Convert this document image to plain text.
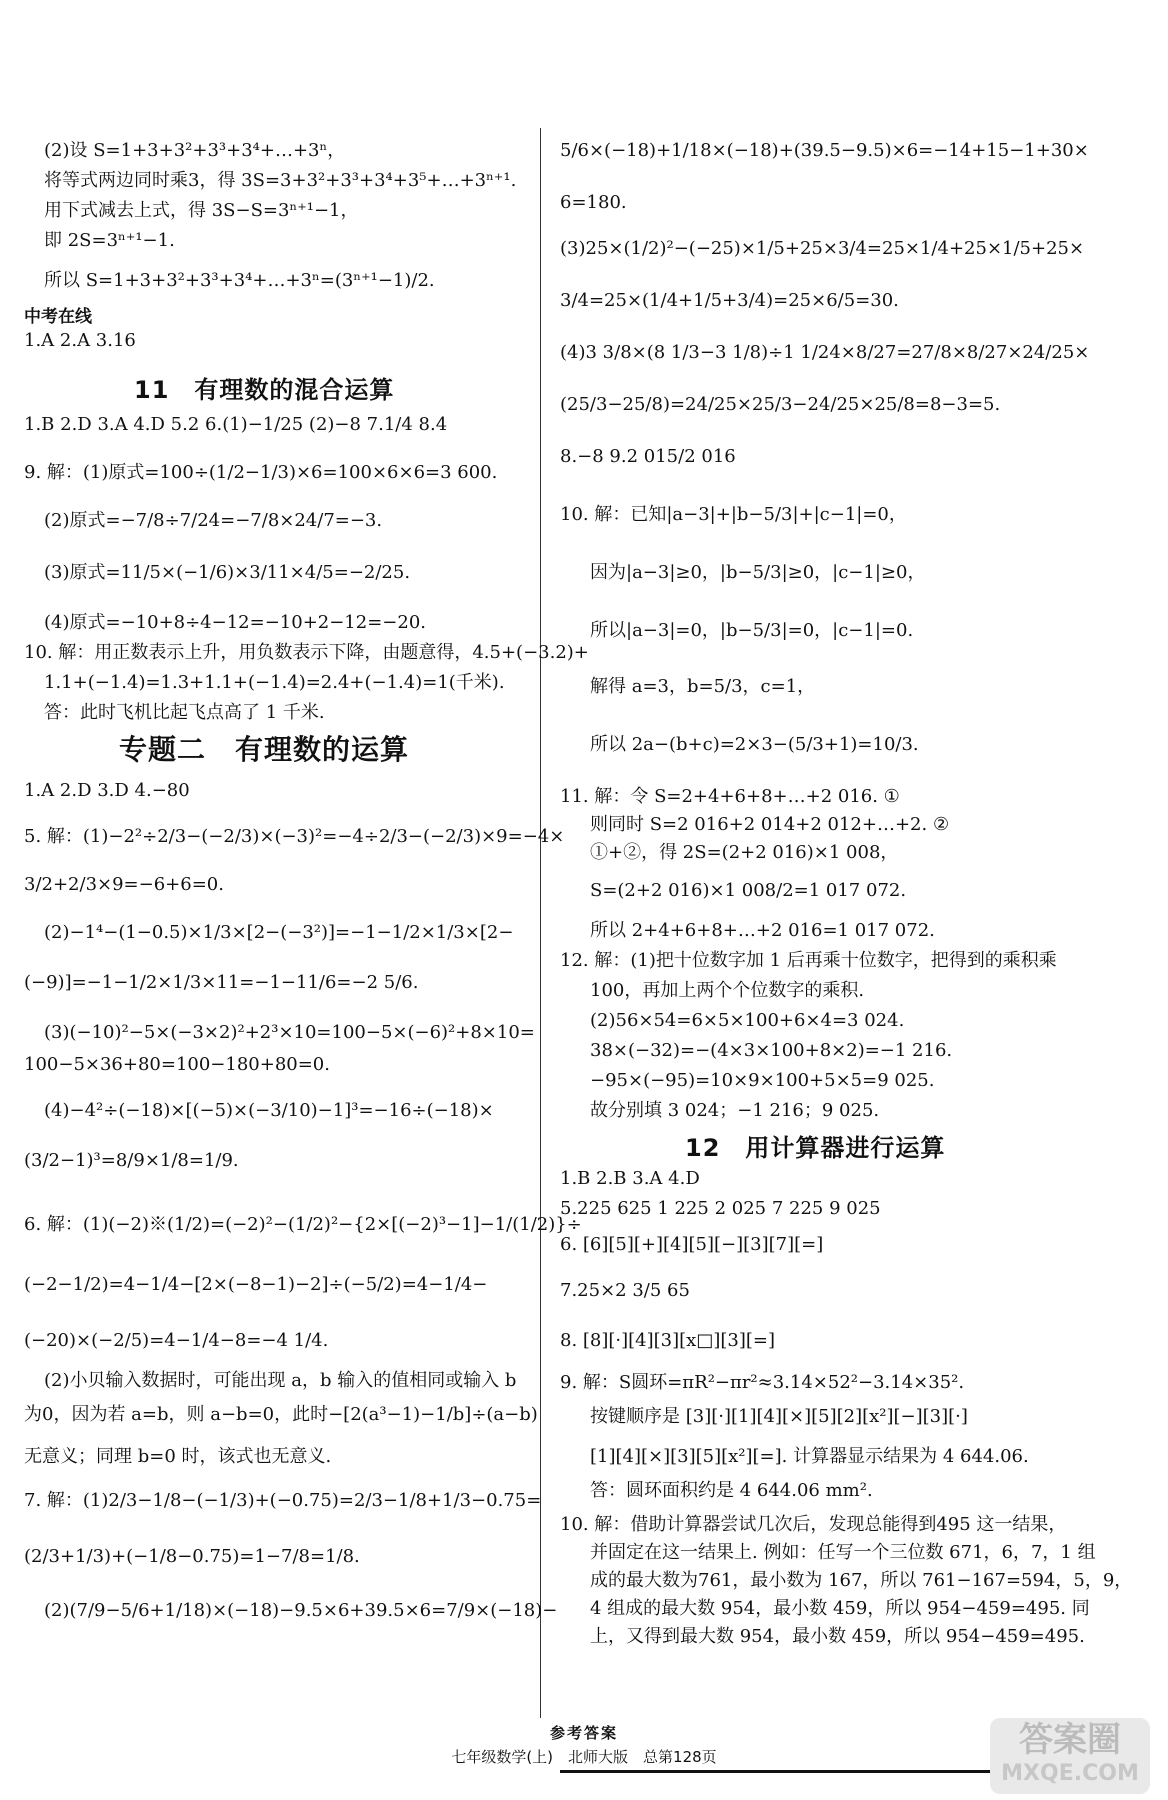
中考在线
11　有理数的混合运算
专题二　有理数的运算
(2)设 S=1+3+3²+3³+3⁴+…+3ⁿ，
将等式两边同时乘3，得 3S=3+3²+3³+3⁴+3⁵+…+3ⁿ⁺¹.
用下式减去上式，得 3S−S=3ⁿ⁺¹−1，
即 2S=3ⁿ⁺¹−1.
所以 S=1+3+3²+3³+3⁴+…+3ⁿ=(3ⁿ⁺¹−1)/2.
1.A 2.A 3.16
1.B 2.D 3.A 4.D 5.2 6.(1)−1/25 (2)−8 7.1/4 8.4
9. 解：(1)原式=100÷(1/2−1/3)×6=100×6×6=3 600.
(2)原式=−7/8÷7/24=−7/8×24/7=−3.
(3)原式=11/5×(−1/6)×3/11×4/5=−2/25.
(4)原式=−10+8÷4−12=−10+2−12=−20.
10. 解：用正数表示上升，用负数表示下降，由题意得，4.5+(−3.2)+
1.1+(−1.4)=1.3+1.1+(−1.4)=2.4+(−1.4)=1(千米).
答：此时飞机比起飞点高了 1 千米.
1.A 2.D 3.D 4.−80
5. 解：(1)−2²÷2/3−(−2/3)×(−3)²=−4÷2/3−(−2/3)×9=−4×
3/2+2/3×9=−6+6=0.
(2)−1⁴−(1−0.5)×1/3×[2−(−3²)]=−1−1/2×1/3×[2−
(−9)]=−1−1/2×1/3×11=−1−11/6=−2 5/6.
(3)(−10)²−5×(−3×2)²+2³×10=100−5×(−6)²+8×10=
100−5×36+80=100−180+80=0.
(4)−4²÷(−18)×[(−5)×(−3/10)−1]³=−16÷(−18)×
(3/2−1)³=8/9×1/8=1/9.
6. 解：(1)(−2)※(1/2)=(−2)²−(1/2)²−{2×[(−2)³−1]−1/(1/2)}÷
(−2−1/2)=4−1/4−[2×(−8−1)−2]÷(−5/2)=4−1/4−
(−20)×(−2/5)=4−1/4−8=−4 1/4.
(2)小贝输入数据时，可能出现 a，b 输入的值相同或输入 b
为0，因为若 a=b，则 a−b=0，此时−[2(a³−1)−1/b]÷(a−b)
无意义；同理 b=0 时，该式也无意义.
7. 解：(1)2/3−1/8−(−1/3)+(−0.75)=2/3−1/8+1/3−0.75=
(2/3+1/3)+(−1/8−0.75)=1−7/8=1/8.
(2)(7/9−5/6+1/18)×(−18)−9.5×6+39.5×6=7/9×(−18)−
12　用计算器进行运算
5/6×(−18)+1/18×(−18)+(39.5−9.5)×6=−14+15−1+30×
6=180.
(3)25×(1/2)²−(−25)×1/5+25×3/4=25×1/4+25×1/5+25×
3/4=25×(1/4+1/5+3/4)=25×6/5=30.
(4)3 3/8×(8 1/3−3 1/8)÷1 1/24×8/27=27/8×8/27×24/25×
(25/3−25/8)=24/25×25/3−24/25×25/8=8−3=5.
8.−8 9.2 015/2 016
10. 解：已知|a−3|+|b−5/3|+|c−1|=0，
因为|a−3|≥0，|b−5/3|≥0，|c−1|≥0，
所以|a−3|=0，|b−5/3|=0，|c−1|=0.
解得 a=3，b=5/3，c=1，
所以 2a−(b+c)=2×3−(5/3+1)=10/3.
11. 解：令 S=2+4+6+8+…+2 016. ①
则同时 S=2 016+2 014+2 012+…+2. ②
①+②，得 2S=(2+2 016)×1 008，
S=(2+2 016)×1 008/2=1 017 072.
所以 2+4+6+8+…+2 016=1 017 072.
12. 解：(1)把十位数字加 1 后再乘十位数字，把得到的乘积乘
100，再加上两个个位数字的乘积.
(2)56×54=6×5×100+6×4=3 024.
38×(−32)=−(4×3×100+8×2)=−1 216.
−95×(−95)=10×9×100+5×5=9 025.
故分别填 3 024；−1 216；9 025.
1.B 2.B 3.A 4.D
5.225 625 1 225 2 025 7 225 9 025
6. [6][5][+][4][5][−][3][7][=]
7.25×2 3/5 65
8. [8][·][4][3][x□][3][=]
9. 解：S圆环=πR²−πr²≈3.14×52²−3.14×35².
按键顺序是 [3][·][1][4][×][5][2][x²][−][3][·]
[1][4][×][3][5][x²][=]. 计算器显示结果为 4 644.06.
答：圆环面积约是 4 644.06 mm².
10. 解：借助计算器尝试几次后，发现总能得到495 这一结果，
并固定在这一结果上. 例如：任写一个三位数 671，6，7，1 组
成的最大数为761，最小数为 167，所以 761−167=594，5，9，
4 组成的最大数 954，最小数 459，所以 954−459=495. 同
上，又得到最大数 954，最小数 459，所以 954−459=495.
参考答案
七年级数学(上)　北师大版　总第128页	答案圈
MXQE.COM
